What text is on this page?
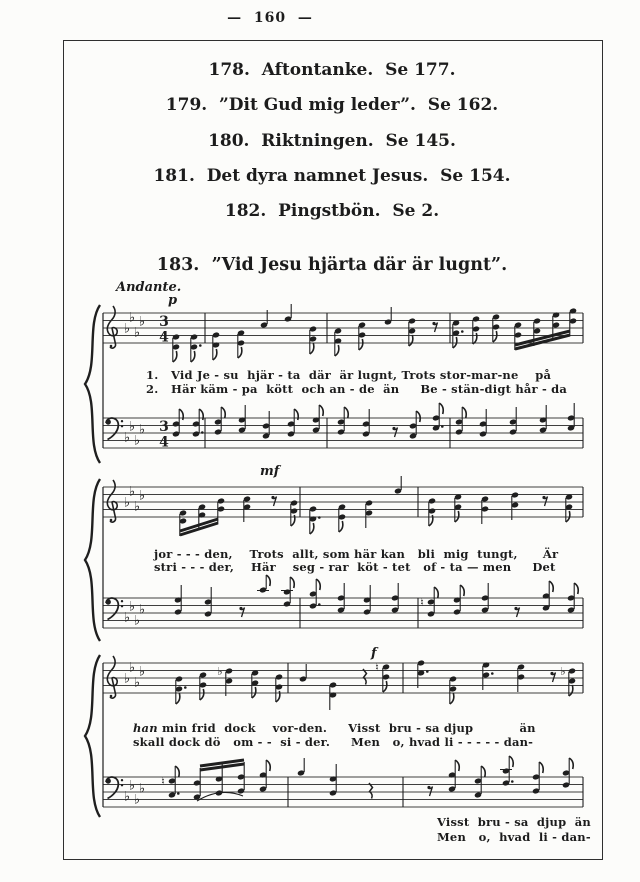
—  160  —
178.  Aftontanke.  Se 177.
179.  ”Dit Gud mig leder”.  Se 162.
180.  Riktningen.  Se 145.
181.  Det dyra namnet Jesus.  Se 154.
182.  Pingstbön.  Se 2.
183.  ”Vid Jesu hjärta där är lugnt”.
Andante.
p
mf
f
1.   Vid Je - su  hjär - ta  där  är lugnt, Trots stor-mar-ne    på
2.   Här käm - pa  kött  och an - de  än     Be - stän-digt hår - da
jor - - - den,    Trots  allt, som här kan   bli  mig  tungt,      Är
stri - - - der,    Här    seg - rar  köt - tet   of - ta — men     Det
han min frid  dock    vor-den.     Visst  bru - sa djup           än
skall dock dö   om - -  si - der.     Men   o, hvad li - - - - - dan-
Visst  bru - sa  djup  än
Men   o,  hvad  li - dan-
♭
♭
♭
♭ 3
4
♭
♭
♭
♭ 3
4
♭
♭
♭
♭
♭
♭
♭
♭	♮
♭
♭
♭
♭	♭	♮	♭
♭
♭
♭
♭ ♮
